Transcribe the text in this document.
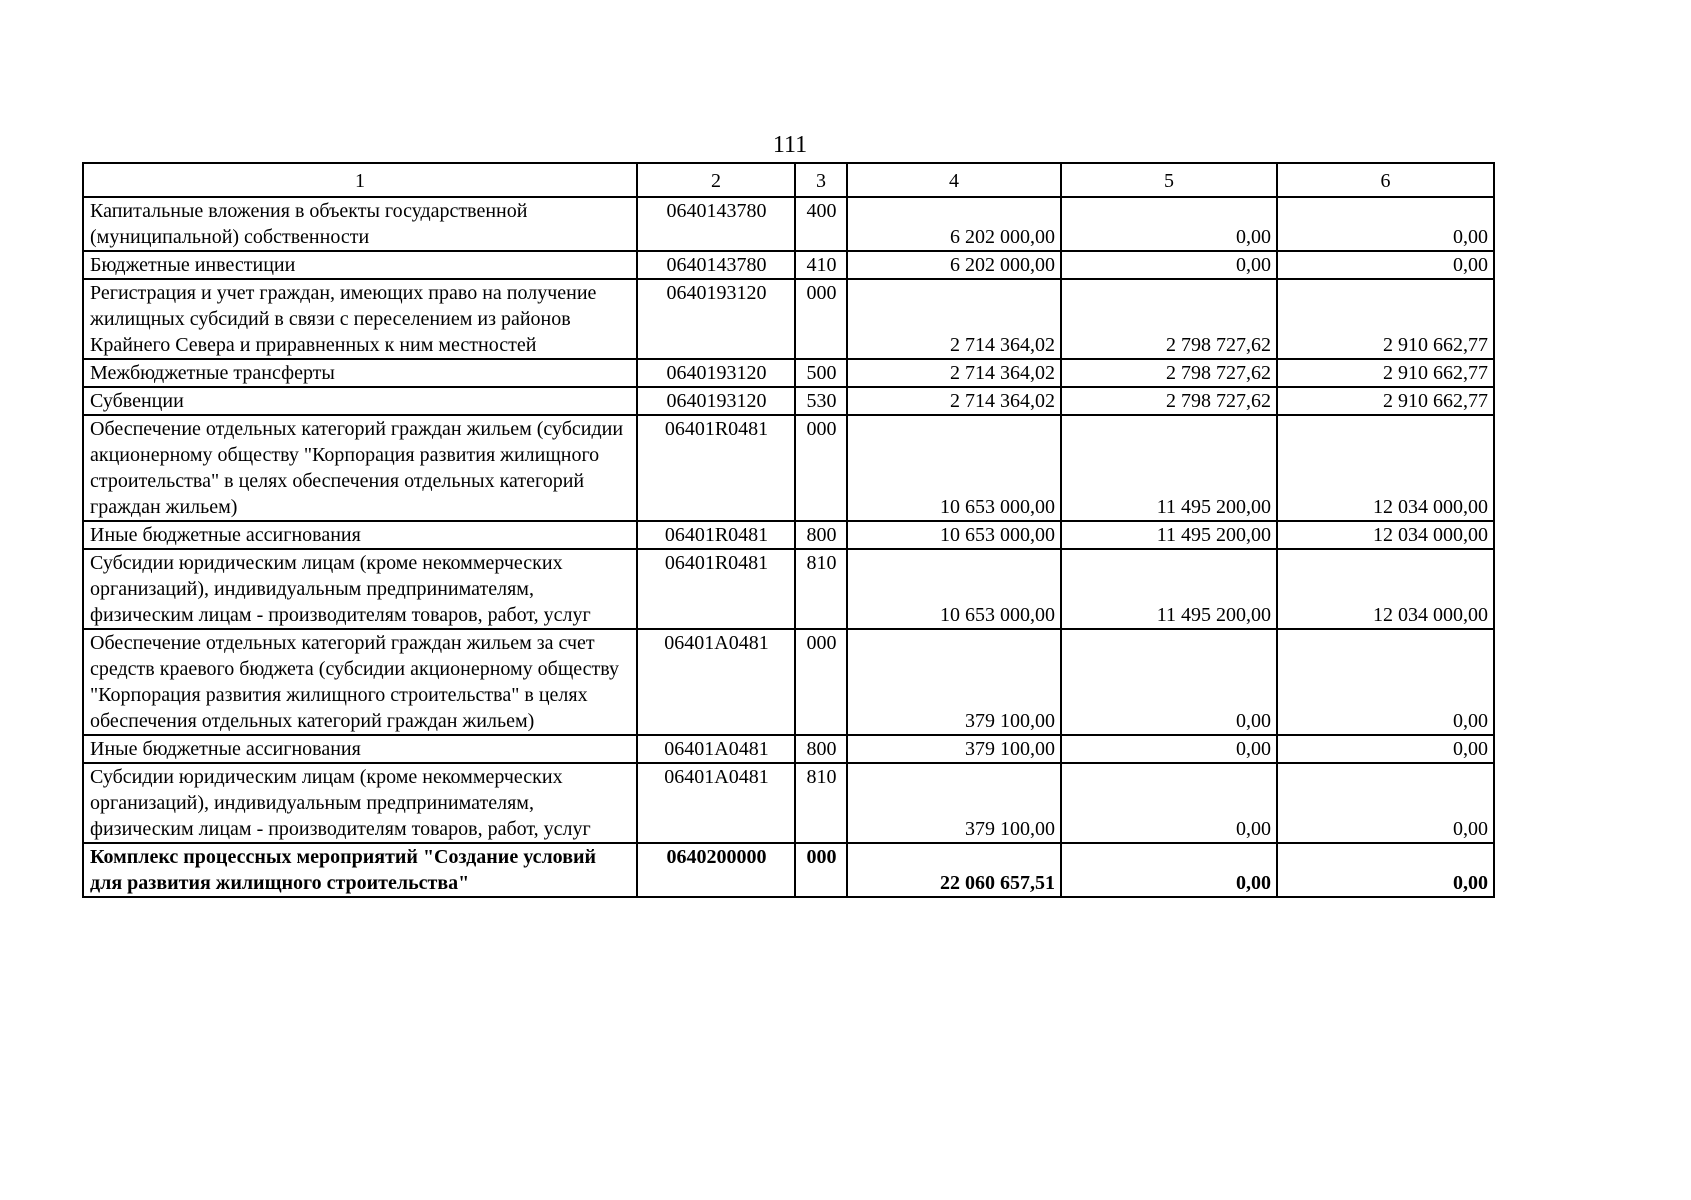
111
1	2	3	4	5	6
Капитальные вложения в объекты государственной (муниципальной) собственности	0640143780	400	6 202 000,00	0,00	0,00
Бюджетные инвестиции	0640143780	410	6 202 000,00	0,00	0,00
Регистрация и учет граждан, имеющих право на получение жилищных субсидий в связи с переселением из районов Крайнего Севера и приравненных к ним местностей	0640193120	000	2 714 364,02	2 798 727,62	2 910 662,77
Межбюджетные трансферты	0640193120	500	2 714 364,02	2 798 727,62	2 910 662,77
Субвенции	0640193120	530	2 714 364,02	2 798 727,62	2 910 662,77
Обеспечение отдельных категорий граждан жильем (субсидии акционерному обществу "Корпорация развития жилищного строительства" в целях обеспечения отдельных категорий граждан жильем)	06401R0481	000	10 653 000,00	11 495 200,00	12 034 000,00
Иные бюджетные ассигнования	06401R0481	800	10 653 000,00	11 495 200,00	12 034 000,00
Субсидии юридическим лицам (кроме некоммерческих организаций), индивидуальным предпринимателям, физическим лицам - производителям товаров, работ, услуг	06401R0481	810	10 653 000,00	11 495 200,00	12 034 000,00
Обеспечение отдельных категорий граждан жильем за счет средств краевого бюджета (субсидии акционерному обществу "Корпорация развития жилищного строительства" в целях обеспечения отдельных категорий граждан жильем)	06401A0481	000	379 100,00	0,00	0,00
Иные бюджетные ассигнования	06401A0481	800	379 100,00	0,00	0,00
Субсидии юридическим лицам (кроме некоммерческих организаций), индивидуальным предпринимателям, физическим лицам - производителям товаров, работ, услуг	06401A0481	810	379 100,00	0,00	0,00
Комплекс процессных мероприятий "Создание условий для развития жилищного строительства"	0640200000	000	22 060 657,51	0,00	0,00
